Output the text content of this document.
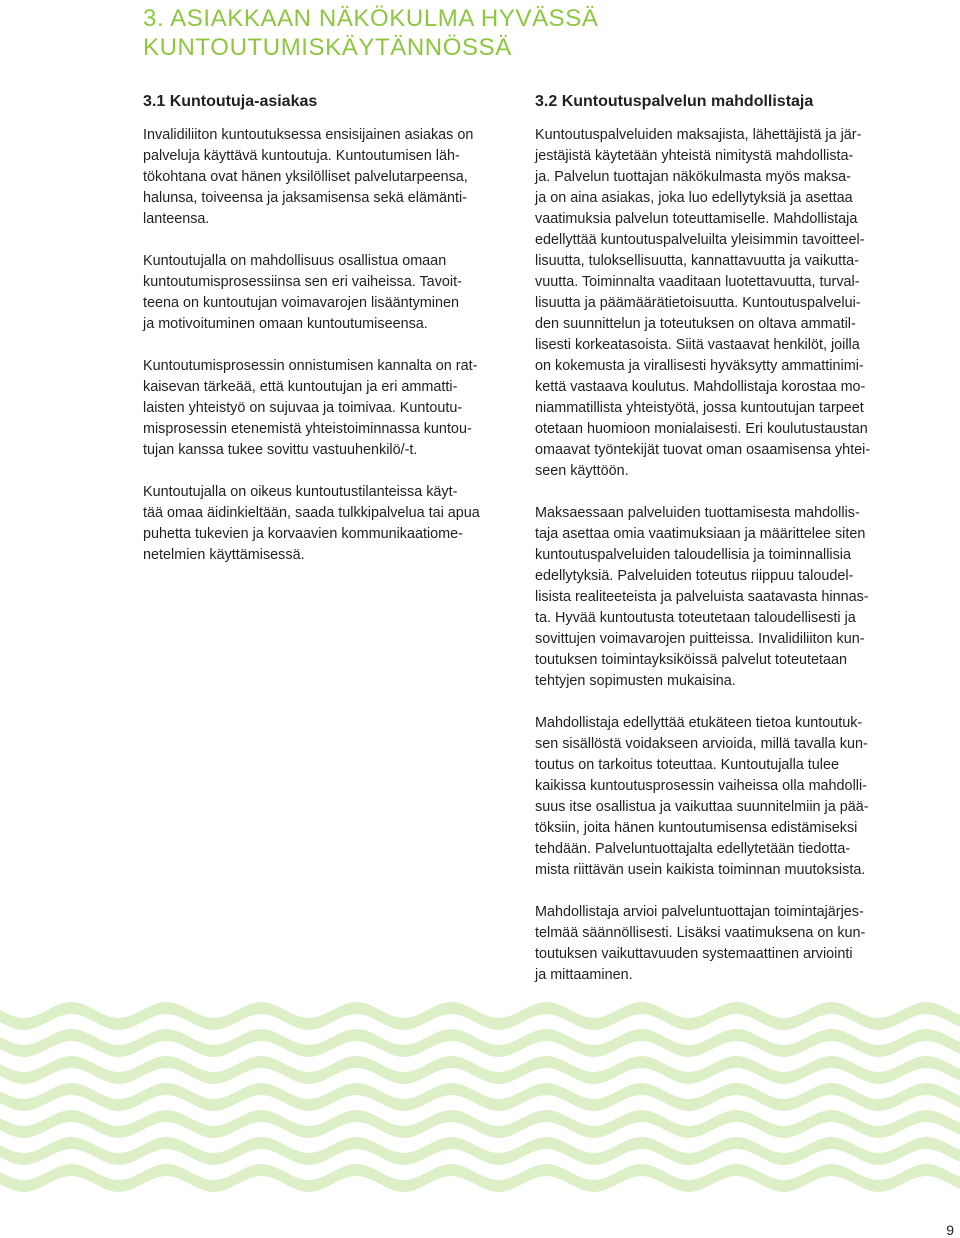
3. ASIAKKAAN NÄKÖKULMA HYVÄSSÄ
KUNTOUTUMISKÄYTÄNNÖSSÄ
3.1 Kuntoutuja-asiakas

Invalidiliiton kuntoutuksessa ensisijainen asiakas on
palveluja käyttävä kuntoutuja. Kuntoutumisen läh-
tökohtana ovat hänen yksilölliset palvelutarpeensa,
halunsa, toiveensa ja jaksamisensa sekä elämänti-
lanteensa.

Kuntoutujalla on mahdollisuus osallistua omaan
kuntoutumisprosessiinsa sen eri vaiheissa. Tavoit-
teena on kuntoutujan voimavarojen lisääntyminen
ja motivoituminen omaan kuntoutumiseensa.

Kuntoutumisprosessin onnistumisen kannalta on rat-
kaisevan tärkeää, että kuntoutujan ja eri ammatti-
laisten yhteistyö on sujuvaa ja toimivaa. Kuntoutu-
misprosessin etenemistä yhteistoiminnassa kuntou-
tujan kanssa tukee sovittu vastuuhenkilö/-t.

Kuntoutujalla on oikeus kuntoutustilanteissa käyt-
tää omaa äidinkieltään, saada tulkkipalvelua tai apua
puhetta tukevien ja korvaavien kommunikaatiome-
netelmien käyttämisessä.

3.2 Kuntoutuspalvelun mahdollistaja

Kuntoutuspalveluiden maksajista, lähettäjistä ja jär-
jestäjistä käytetään yhteistä nimitystä mahdollista-
ja. Palvelun tuottajan näkökulmasta myös maksa-
ja on aina asiakas, joka luo edellytyksiä ja asettaa
vaatimuksia palvelun toteuttamiselle. Mahdollistaja
edellyttää kuntoutuspalveluilta yleisimmin tavoitteel-
lisuutta, tuloksellisuutta, kannattavuutta ja vaikutta-
vuutta. Toiminnalta vaaditaan luotettavuutta, turval-
lisuutta ja päämäärätietoisuutta. Kuntoutuspalvelui-
den suunnittelun ja toteutuksen on oltava ammatil-
lisesti korkeatasoista. Siitä vastaavat henkilöt, joilla
on kokemusta ja virallisesti hyväksytty ammattinimi-
kettä vastaava koulutus. Mahdollistaja korostaa mo-
niammatillista yhteistyötä, jossa kuntoutujan tarpeet
otetaan huomioon monialaisesti. Eri koulutustaustan
omaavat työntekijät tuovat oman osaamisensa yhtei-
seen käyttöön.

Maksaessaan palveluiden tuottamisesta mahdollis-
taja asettaa omia vaatimuksiaan ja määrittelee siten
kuntoutuspalveluiden taloudellisia ja toiminnallisia
edellytyksiä. Palveluiden toteutus riippuu taloudel-
lisista realiteeteista ja palveluista saatavasta hinnas-
ta. Hyvää kuntoutusta toteutetaan taloudellisesti ja
sovittujen voimavarojen puitteissa. Invalidiliiton kun-
toutuksen toimintayksiköissä palvelut toteutetaan
tehtyjen sopimusten mukaisina.

Mahdollistaja edellyttää etukäteen tietoa kuntoutuk-
sen sisällöstä voidakseen arvioida, millä tavalla kun-
toutus on tarkoitus toteuttaa. Kuntoutujalla tulee
kaikissa kuntoutusprosessin vaiheissa olla mahdolli-
suus itse osallistua ja vaikuttaa suunnitelmiin ja pää-
töksiin, joita hänen kuntoutumisensa edistämiseksi
tehdään. Palveluntuottajalta edellytetään tiedotta-
mista riittävän usein kaikista toiminnan muutoksista.

Mahdollistaja arvioi palveluntuottajan toimintajärjes-
telmää säännöllisesti. Lisäksi vaatimuksena on kun-
toutuksen vaikuttavuuden systemaattinen arviointi
ja mittaaminen.

9
